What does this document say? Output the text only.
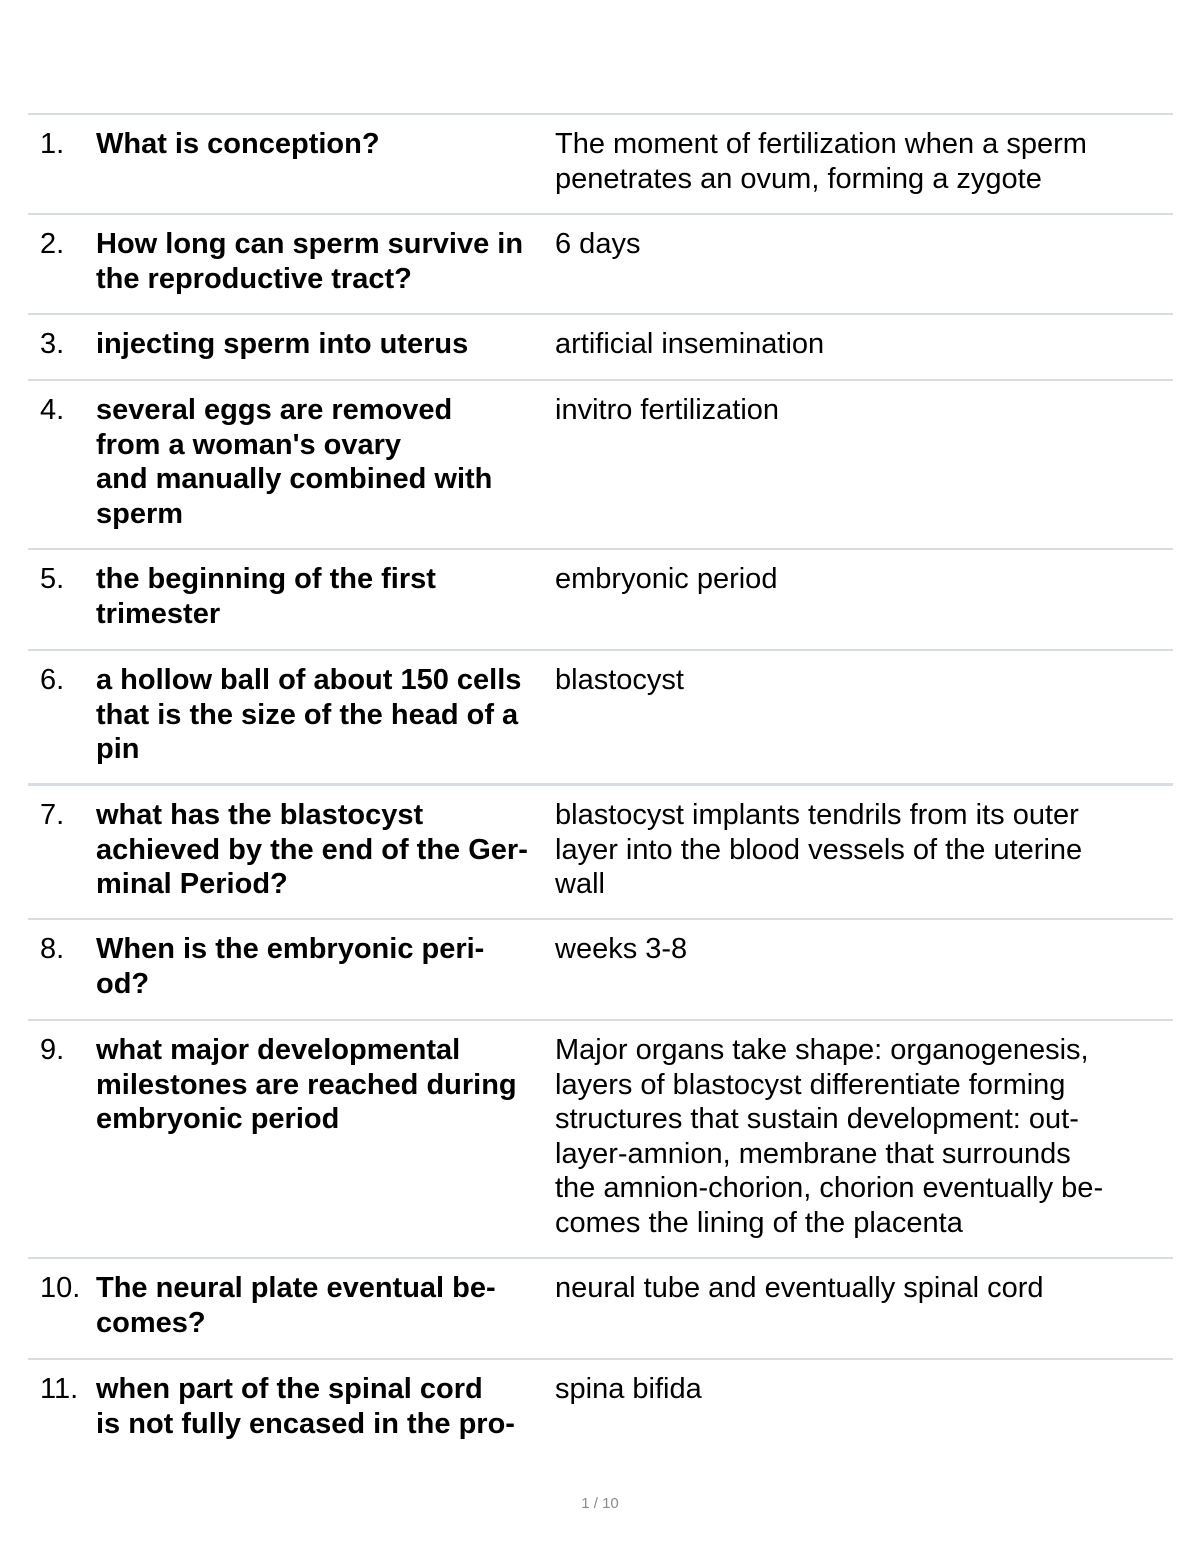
1. What is conception?	The moment of fertilization when a sperm
penetrates an ovum, forming a zygote
2. How long can sperm survive in
the reproductive tract?
6 days
3. injecting sperm into uterus	artificial insemination
4. several eggs are removed
from a woman's ovary
and manually combined with
sperm
invitro fertilization
5. the beginning of the first
trimester
embryonic period
6. a hollow ball of about 150 cells
that is the size of the head of a
pin
blastocyst
7. what has the blastocyst
achieved by the end of the Ger-
minal Period?
blastocyst implants tendrils from its outer
layer into the blood vessels of the uterine
wall
8. When is the embryonic peri-
od?
weeks 3-8
9. what major developmental
milestones are reached during
embryonic period
Major organs take shape: organogenesis,
layers of blastocyst differentiate forming
structures that sustain development: out-
layer-amnion, membrane that surrounds
the amnion-chorion, chorion eventually be-
comes the lining of the placenta
10. The neural plate eventual be-
comes?
neural tube and eventually spinal cord
11. when part of the spinal cord
is not fully encased in the pro-
spina bifida
1 / 10
